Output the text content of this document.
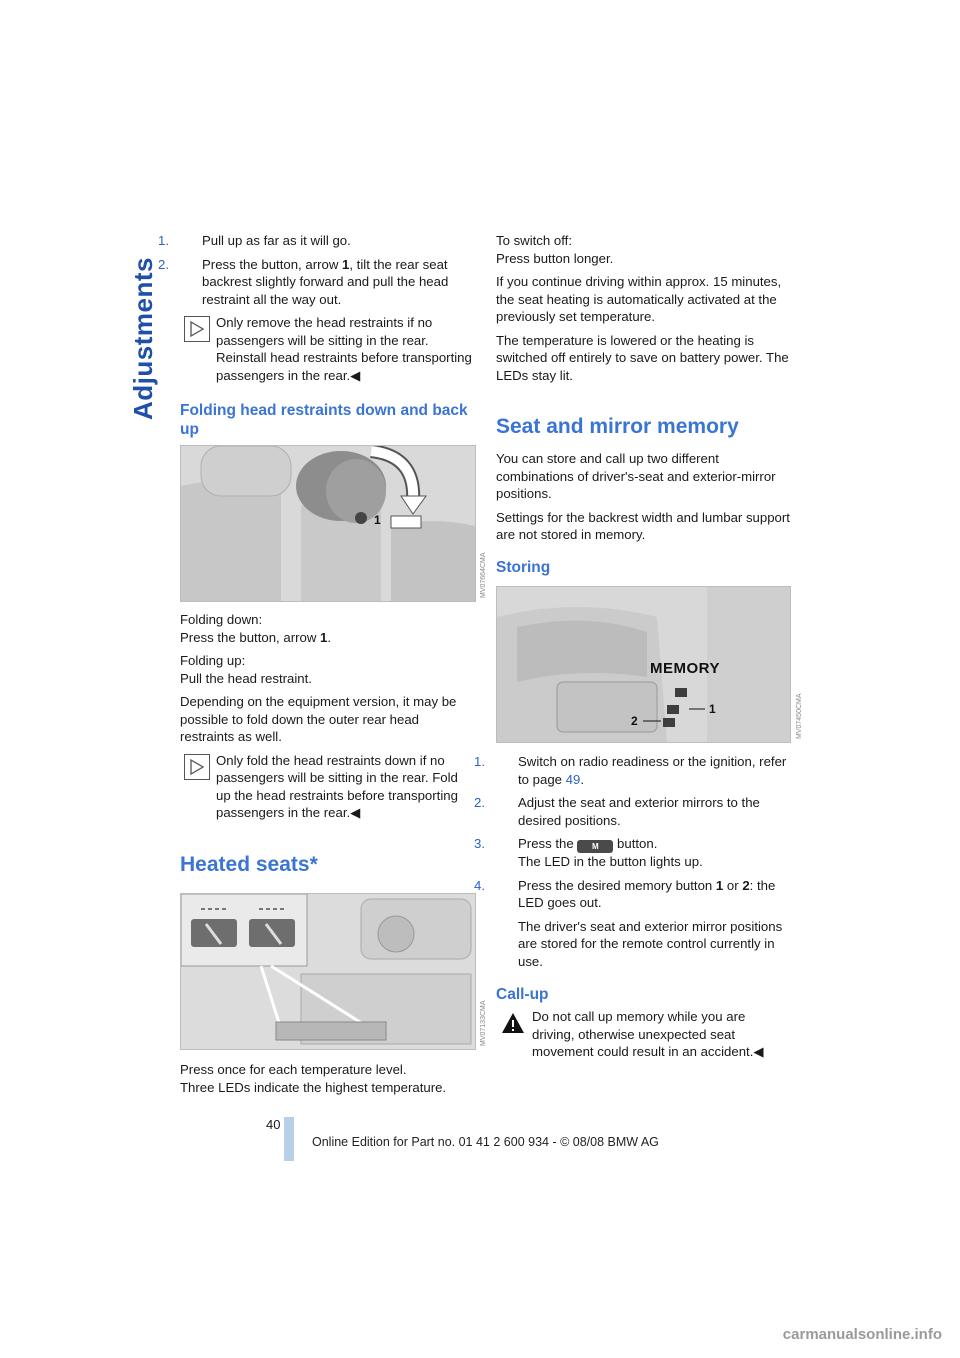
Adjustments

1.	Pull up as far as it will go.

2.	Press the button, arrow 1, tilt the rear seat backrest slightly forward and pull the head restraint all the way out.

Only remove the head restraints if no passengers will be sitting in the rear. Reinstall head restraints before transporting passengers in the rear.◀

Folding head restraints down and back up

1
MV07664CMA

Folding down:
Press the button, arrow 1.

Folding up:
Pull the head restraint.

Depending on the equipment version, it may be possible to fold down the outer rear head restraints as well.

Only fold the head restraints down if no passengers will be sitting in the rear. Fold up the head restraints before transporting passengers in the rear.◀

Heated seats*

MV07133CMA

Press once for each temperature level.
Three LEDs indicate the highest temperature.

To switch off:
Press button longer.

If you continue driving within approx. 15 minutes, the seat heating is automatically activated at the previously set temperature.

The temperature is lowered or the heating is switched off entirely to save on battery power. The LEDs stay lit.

Seat and mirror memory

You can store and call up two different combinations of driver's-seat and exterior-mirror positions.

Settings for the backrest width and lumbar support are not stored in memory.

Storing

1
2
MEMORY
MV07450CMA

1.	Switch on radio readiness or the ignition, refer to page 49.

2.	Adjust the seat and exterior mirrors to the desired positions.

3.	Press the M button.
The LED in the button lights up.

4.	Press the desired memory button 1 or 2: the LED goes out.

The driver's seat and exterior mirror positions are stored for the remote control currently in use.

Call-up

Do not call up memory while you are driving, otherwise unexpected seat movement could result in an accident.◀

40
Online Edition for Part no. 01 41 2 600 934 - © 08/08 BMW AG
carmanualsonline.info
